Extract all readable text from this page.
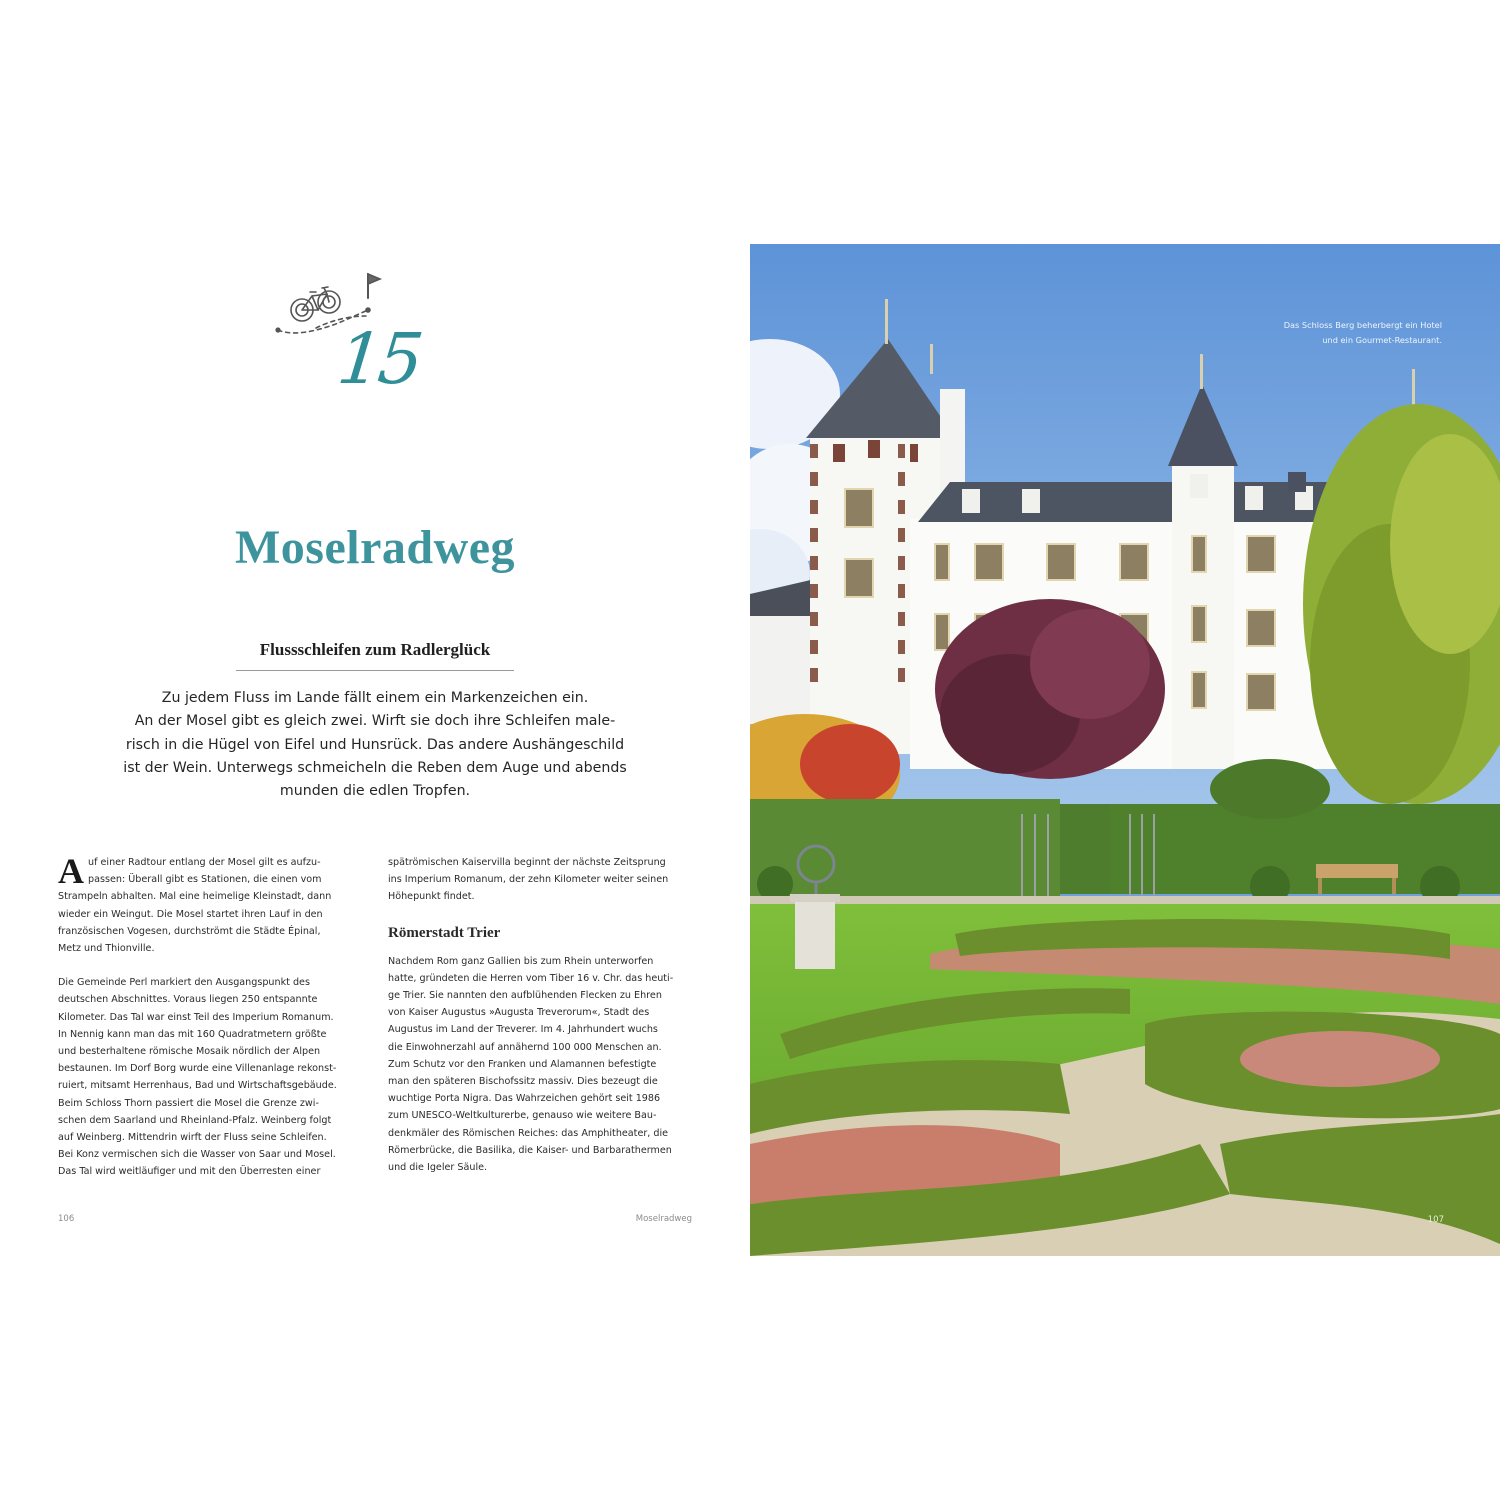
15
Moselradweg
Flussschleifen zum Radlerglück
Zu jedem Fluss im Lande fällt einem ein Markenzeichen ein.
An der Mosel gibt es gleich zwei. Wirft sie doch ihre Schleifen male-
risch in die Hügel von Eifel und Hunsrück. Das andere Aushängeschild
ist der Wein. Unterwegs schmeicheln die Reben dem Auge und abends
munden die edlen Tropfen.

A uf einer Radtour entlang der Mosel gilt es aufzu-
passen: Überall gibt es Stationen, die einen vom
Strampeln abhalten. Mal eine heimelige Kleinstadt, dann
wieder ein Weingut. Die Mosel startet ihren Lauf in den
französischen Vogesen, durchströmt die Städte Épinal,
Metz und Thionville.

Die Gemeinde Perl markiert den Ausgangspunkt des
deutschen Abschnittes. Voraus liegen 250 entspannte
Kilometer. Das Tal war einst Teil des Imperium Romanum.
In Nennig kann man das mit 160 Quadratmetern größte
und besterhaltene römische Mosaik nördlich der Alpen
bestaunen. Im Dorf Borg wurde eine Villenanlage rekonst-
ruiert, mitsamt Herrenhaus, Bad und Wirtschaftsgebäude.
Beim Schloss Thorn passiert die Mosel die Grenze zwi-
schen dem Saarland und Rheinland-Pfalz. Weinberg folgt
auf Weinberg. Mittendrin wirft der Fluss seine Schleifen.
Bei Konz vermischen sich die Wasser von Saar und Mosel.
Das Tal wird weitläufiger und mit den Überresten einer

spätrömischen Kaiservilla beginnt der nächste Zeitsprung
ins Imperium Romanum, der zehn Kilometer weiter seinen
Höhepunkt findet.

Römerstadt Trier

Nachdem Rom ganz Gallien bis zum Rhein unterworfen
hatte, gründeten die Herren vom Tiber 16 v. Chr. das heuti-
ge Trier. Sie nannten den aufblühenden Flecken zu Ehren
von Kaiser Augustus »Augusta Treverorum«, Stadt des
Augustus im Land der Treverer. Im 4. Jahrhundert wuchs
die Einwohnerzahl auf annähernd 100 000 Menschen an.
Zum Schutz vor den Franken und Alamannen befestigte
man den späteren Bischofssitz massiv. Dies bezeugt die
wuchtige Porta Nigra. Das Wahrzeichen gehört seit 1986
zum UNESCO-Weltkulturerbe, genauso wie weitere Bau-
denkmäler des Römischen Reiches: das Amphitheater, die
Römerbrücke, die Basilika, die Kaiser- und Barbarathermen
und die Igeler Säule.

106	Moselradweg
Das Schloss Berg beherbergt ein Hotel
und ein Gourmet-Restaurant.
107
